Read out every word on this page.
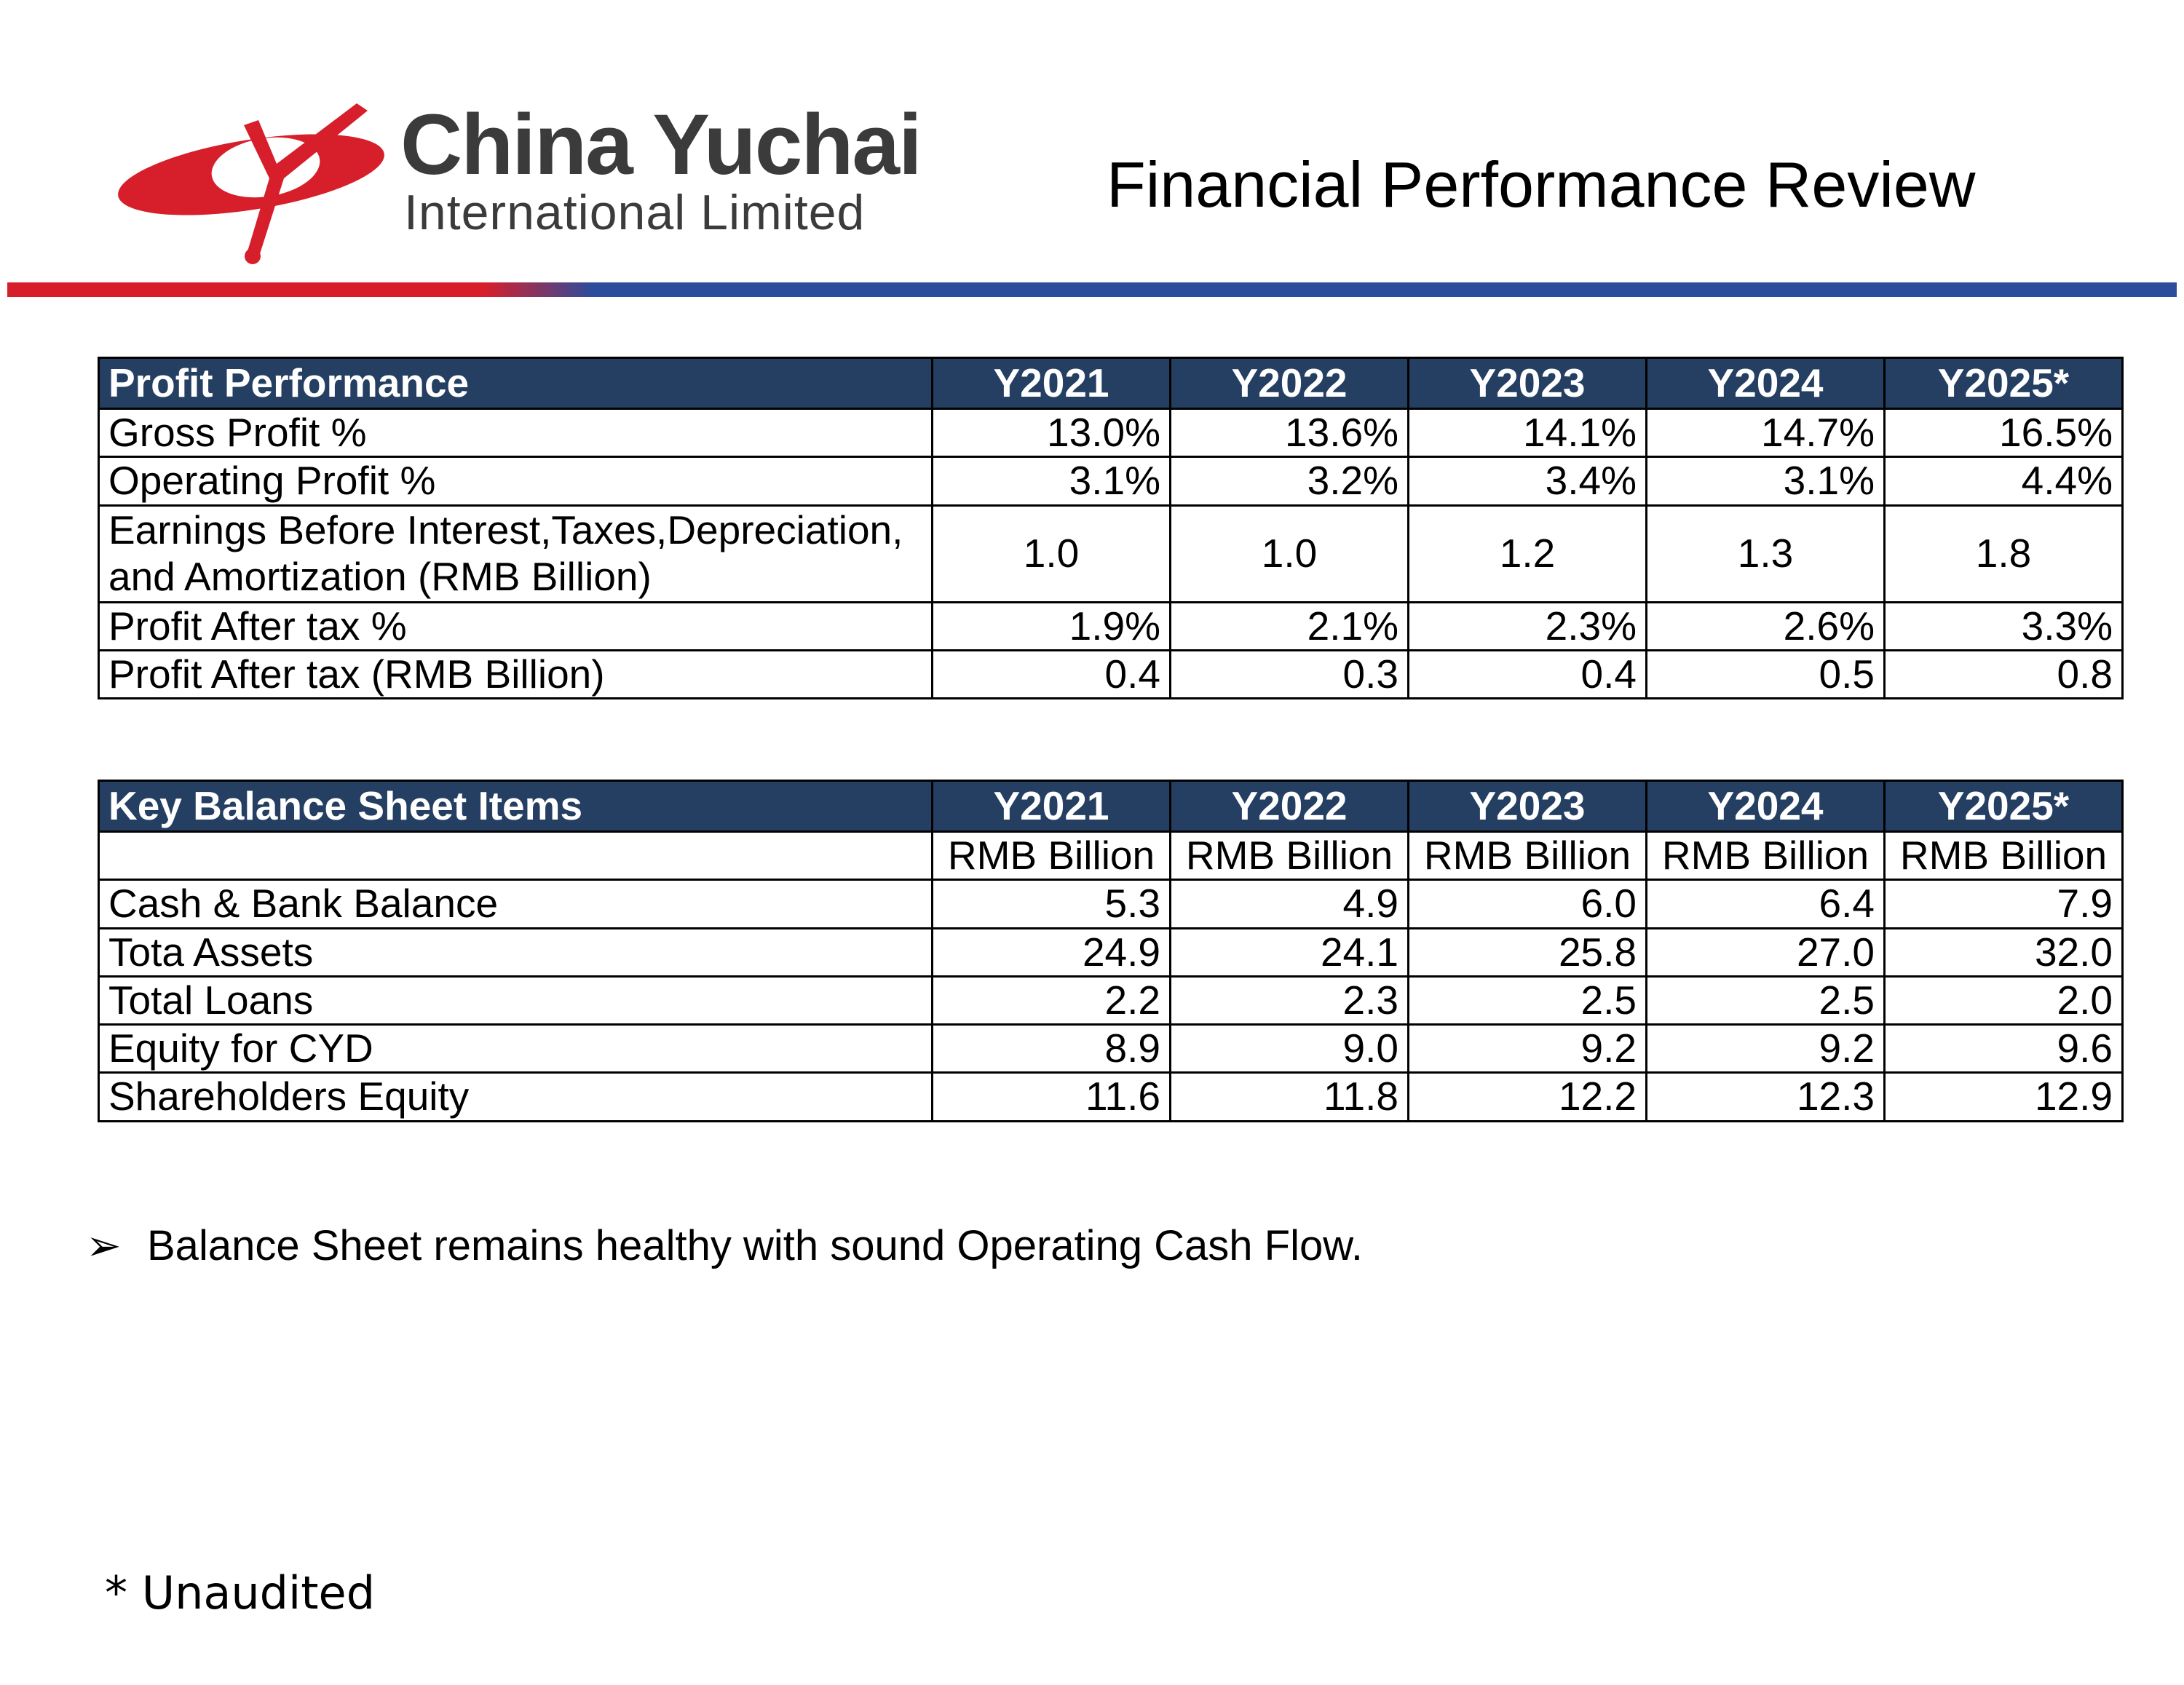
China Yuchai
International Limited	Financial Performance Review
Profit Performance	Y2021	Y2022	Y2023	Y2024	Y2025*
Gross Profit %	13.0%	13.6%	14.1%	14.7%	16.5%
Operating Profit %	3.1%	3.2%	3.4%	3.1%	4.4%
Earnings Before Interest,Taxes,Depreciation, and Amortization (RMB Billion)	1.0	1.0	1.2	1.3	1.8
Profit After tax %	1.9%	2.1%	2.3%	2.6%	3.3%
Profit After tax (RMB Billion)	0.4	0.3	0.4	0.5	0.8
Key Balance Sheet Items	Y2021	Y2022	Y2023	Y2024	Y2025*
	RMB Billion	RMB Billion	RMB Billion	RMB Billion	RMB Billion
Cash & Bank Balance	5.3	4.9	6.0	6.4	7.9
Tota Assets	24.9	24.1	25.8	27.0	32.0
Total Loans	2.2	2.3	2.5	2.5	2.0
Equity for CYD	8.9	9.0	9.2	9.2	9.6
Shareholders Equity	11.6	11.8	12.2	12.3	12.9
➢ Balance Sheet remains healthy with sound Operating Cash Flow.
* Unaudited
